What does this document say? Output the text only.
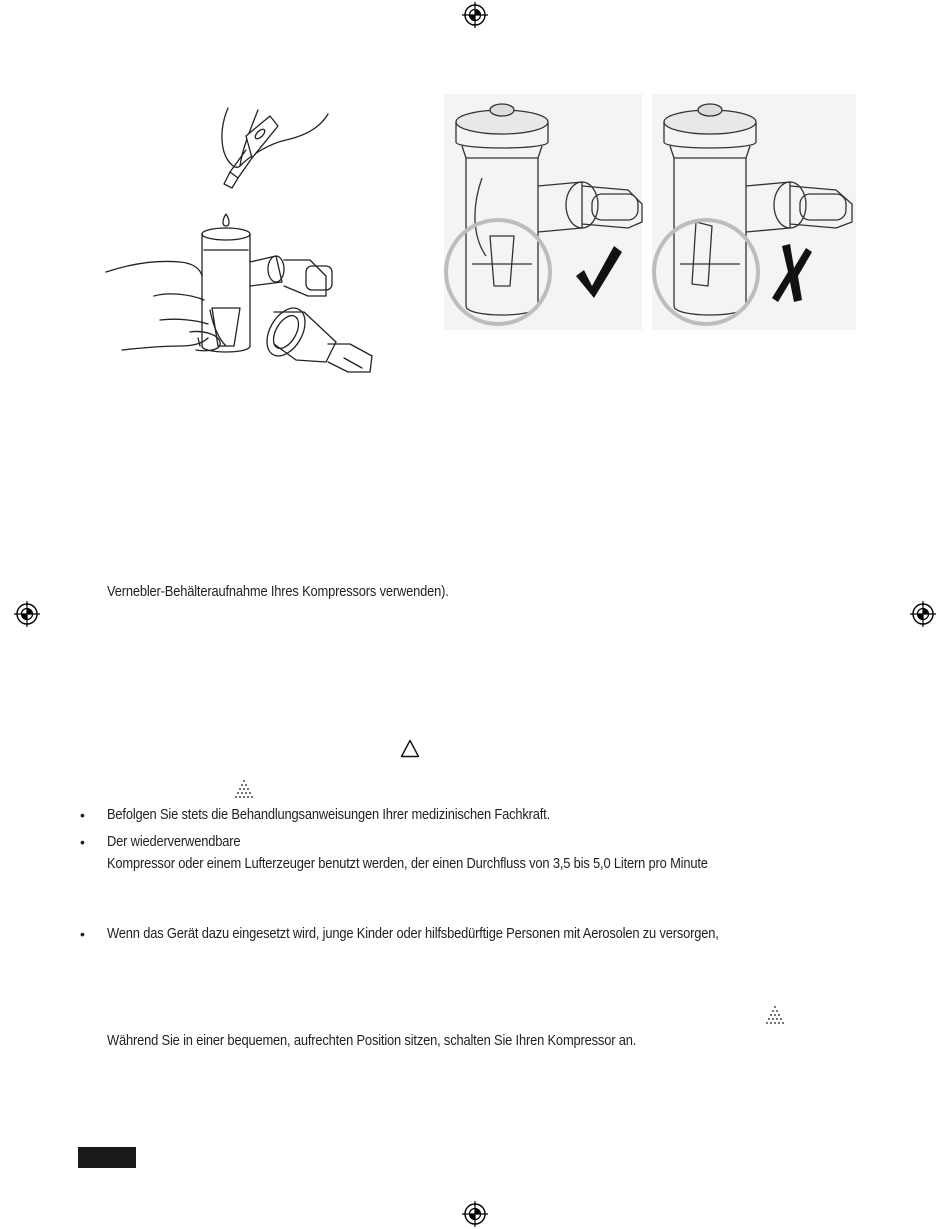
Vernebler-Behälteraufnahme Ihres Kompressors verwenden).
• Befolgen Sie stets die Behandlungsanweisungen Ihrer medizinischen Fachkraft.
• Der wiederverwendbare
Kompressor oder einem Lufterzeuger benutzt werden, der einen Durchfluss von 3,5 bis 5,0 Litern pro Minute
• Wenn das Gerät dazu eingesetzt wird, junge Kinder oder hilfsbedürftige Personen mit Aerosolen zu versorgen,
Während Sie in einer bequemen, aufrechten Position sitzen, schalten Sie Ihren Kompressor an.
